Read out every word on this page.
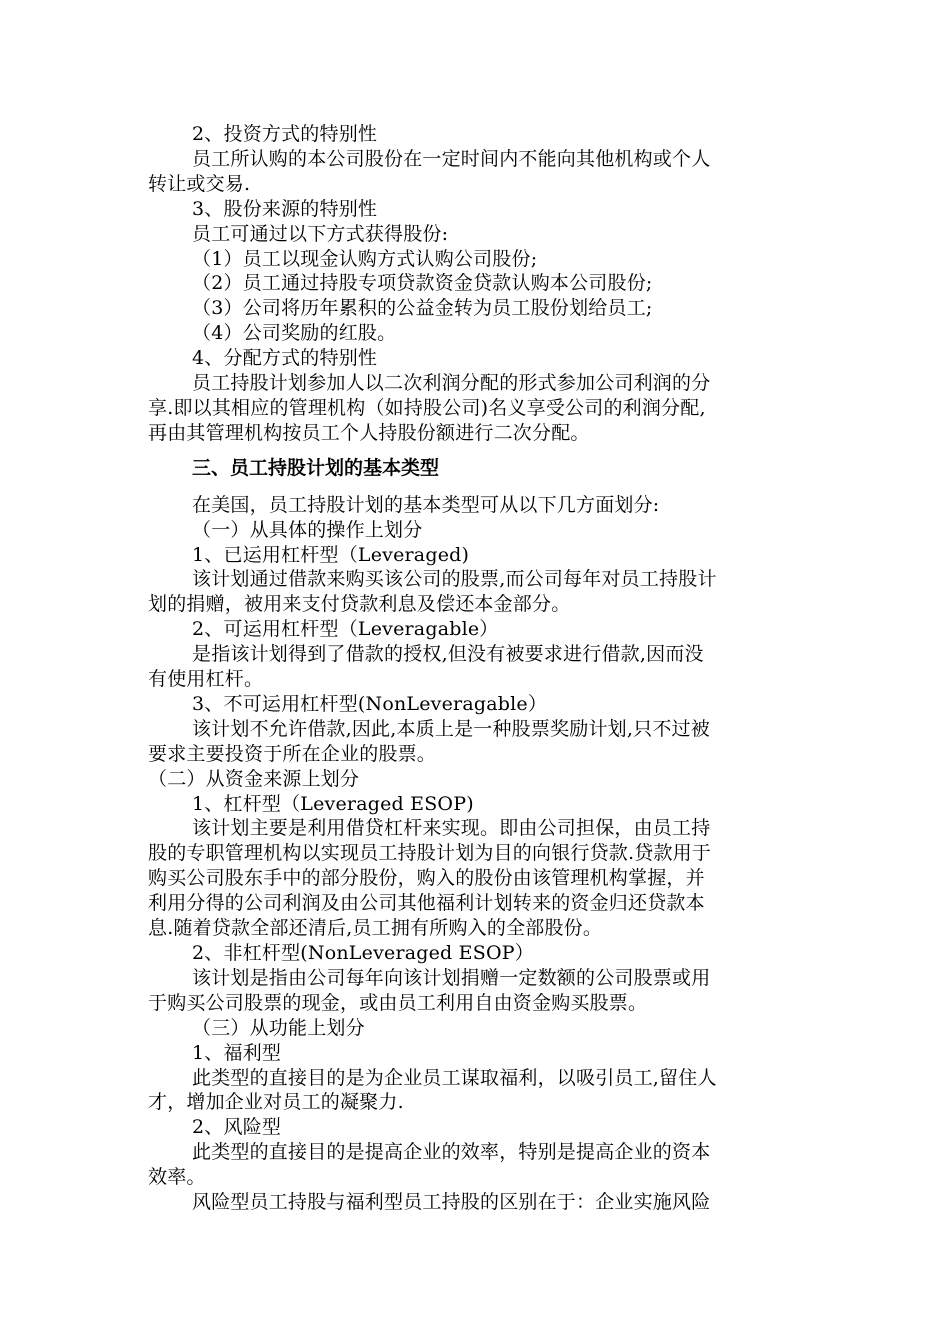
2、投资方式的特别性
员工所认购的本公司股份在一定时间内不能向其他机构或个人
转让或交易.
3、股份来源的特别性
员工可通过以下方式获得股份:
（1）员工以现金认购方式认购公司股份;
（2）员工通过持股专项贷款资金贷款认购本公司股份;
（3）公司将历年累积的公益金转为员工股份划给员工;
（4）公司奖励的红股。
4、分配方式的特别性
员工持股计划参加人以二次利润分配的形式参加公司利润的分
享.即以其相应的管理机构（如持股公司)名义享受公司的利润分配,
再由其管理机构按员工个人持股份额进行二次分配。
三、员工持股计划的基本类型
在美国，员工持股计划的基本类型可从以下几方面划分:
（一）从具体的操作上划分
1、已运用杠杆型（Leveraged)
该计划通过借款来购买该公司的股票,而公司每年对员工持股计
划的捐赠，被用来支付贷款利息及偿还本金部分。
2、可运用杠杆型（Leveragable）
是指该计划得到了借款的授权,但没有被要求进行借款,因而没
有使用杠杆。
3、不可运用杠杆型(NonLeveragable）
该计划不允许借款,因此,本质上是一种股票奖励计划,只不过被
要求主要投资于所在企业的股票。
（二）从资金来源上划分
1、杠杆型（Leveraged ESOP)
该计划主要是利用借贷杠杆来实现。即由公司担保，由员工持
股的专职管理机构以实现员工持股计划为目的向银行贷款.贷款用于
购买公司股东手中的部分股份，购入的股份由该管理机构掌握，并
利用分得的公司利润及由公司其他福利计划转来的资金归还贷款本
息.随着贷款全部还清后,员工拥有所购入的全部股份。
2、非杠杆型(NonLeveraged ESOP）
该计划是指由公司每年向该计划捐赠一定数额的公司股票或用
于购买公司股票的现金，或由员工利用自由资金购买股票。
（三）从功能上划分
1、福利型
此类型的直接目的是为企业员工谋取福利，以吸引员工,留住人
才，增加企业对员工的凝聚力.
2、风险型
此类型的直接目的是提高企业的效率，特别是提高企业的资本
效率。
风险型员工持股与福利型员工持股的区别在于：企业实施风险
